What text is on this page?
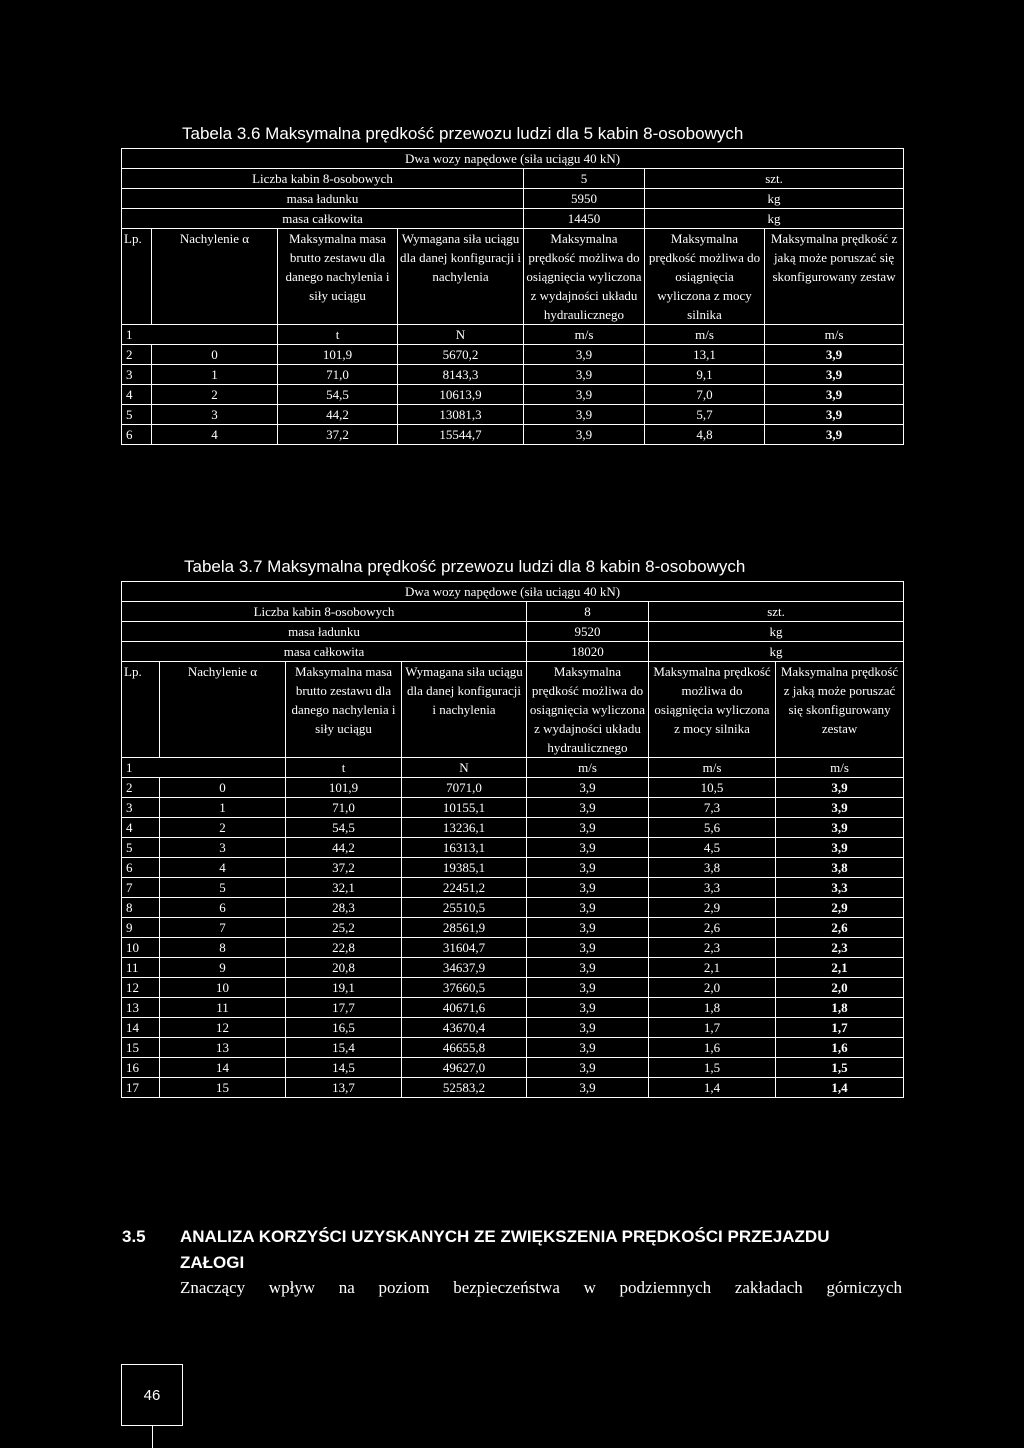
Tabela 3.6 Maksymalna prędkość przewozu ludzi dla 5 kabin 8-osobowych
Dwa wozy napędowe (siła uciągu 40 kN)						
Liczba kabin 8-osobowych				5	szt.	
masa ładunku				5950	kg	
masa całkowita				14450	kg	
Lp.	Nachylenie α	Maksymalna masa brutto zestawu dla danego nachylenia i siły uciągu	Wymagana siła uciągu dla danej konfiguracji i nachylenia	Maksymalna prędkość możliwa do osiągnięcia wyliczona z wydajności układu hydraulicznego	Maksymalna prędkość możliwa do osiągnięcia wyliczona z mocy silnika	Maksymalna prędkość z jaką może poruszać się skonfigurowany zestaw
1		t	N	m/s	m/s	m/s
2	0	101,9	5670,2	3,9	13,1	3,9
3	1	71,0	8143,3	3,9	9,1	3,9
4	2	54,5	10613,9	3,9	7,0	3,9
5	3	44,2	13081,3	3,9	5,7	3,9
6	4	37,2	15544,7	3,9	4,8	3,9
Tabela 3.7 Maksymalna prędkość przewozu ludzi dla 8 kabin 8-osobowych
Dwa wozy napędowe (siła uciągu 40 kN)						
Liczba kabin 8-osobowych				8	szt.	
masa ładunku				9520	kg	
masa całkowita				18020	kg	
Lp.	Nachylenie α	Maksymalna masa brutto zestawu dla danego nachylenia i siły uciągu	Wymagana siła uciągu dla danej konfiguracji i nachylenia	Maksymalna prędkość możliwa do osiągnięcia wyliczona z wydajności układu hydraulicznego	Maksymalna prędkość możliwa do osiągnięcia wyliczona z mocy silnika	Maksymalna prędkość z jaką może poruszać się skonfigurowany zestaw
1		t	N	m/s	m/s	m/s
2	0	101,9	7071,0	3,9	10,5	3,9
3	1	71,0	10155,1	3,9	7,3	3,9
4	2	54,5	13236,1	3,9	5,6	3,9
5	3	44,2	16313,1	3,9	4,5	3,9
6	4	37,2	19385,1	3,9	3,8	3,8
7	5	32,1	22451,2	3,9	3,3	3,3
8	6	28,3	25510,5	3,9	2,9	2,9
9	7	25,2	28561,9	3,9	2,6	2,6
10	8	22,8	31604,7	3,9	2,3	2,3
11	9	20,8	34637,9	3,9	2,1	2,1
12	10	19,1	37660,5	3,9	2,0	2,0
13	11	17,7	40671,6	3,9	1,8	1,8
14	12	16,5	43670,4	3,9	1,7	1,7
15	13	15,4	46655,8	3,9	1,6	1,6
16	14	14,5	49627,0	3,9	1,5	1,5
17	15	13,7	52583,2	3,9	1,4	1,4
3.5 ANALIZA KORZYŚCI UZYSKANYCH ZE ZWIĘKSZENIA PRĘDKOŚCI PRZEJAZDU
ZAŁOGI
Znaczący wpływ na poziom bezpieczeństwa w podziemnych zakładach górniczych
46
